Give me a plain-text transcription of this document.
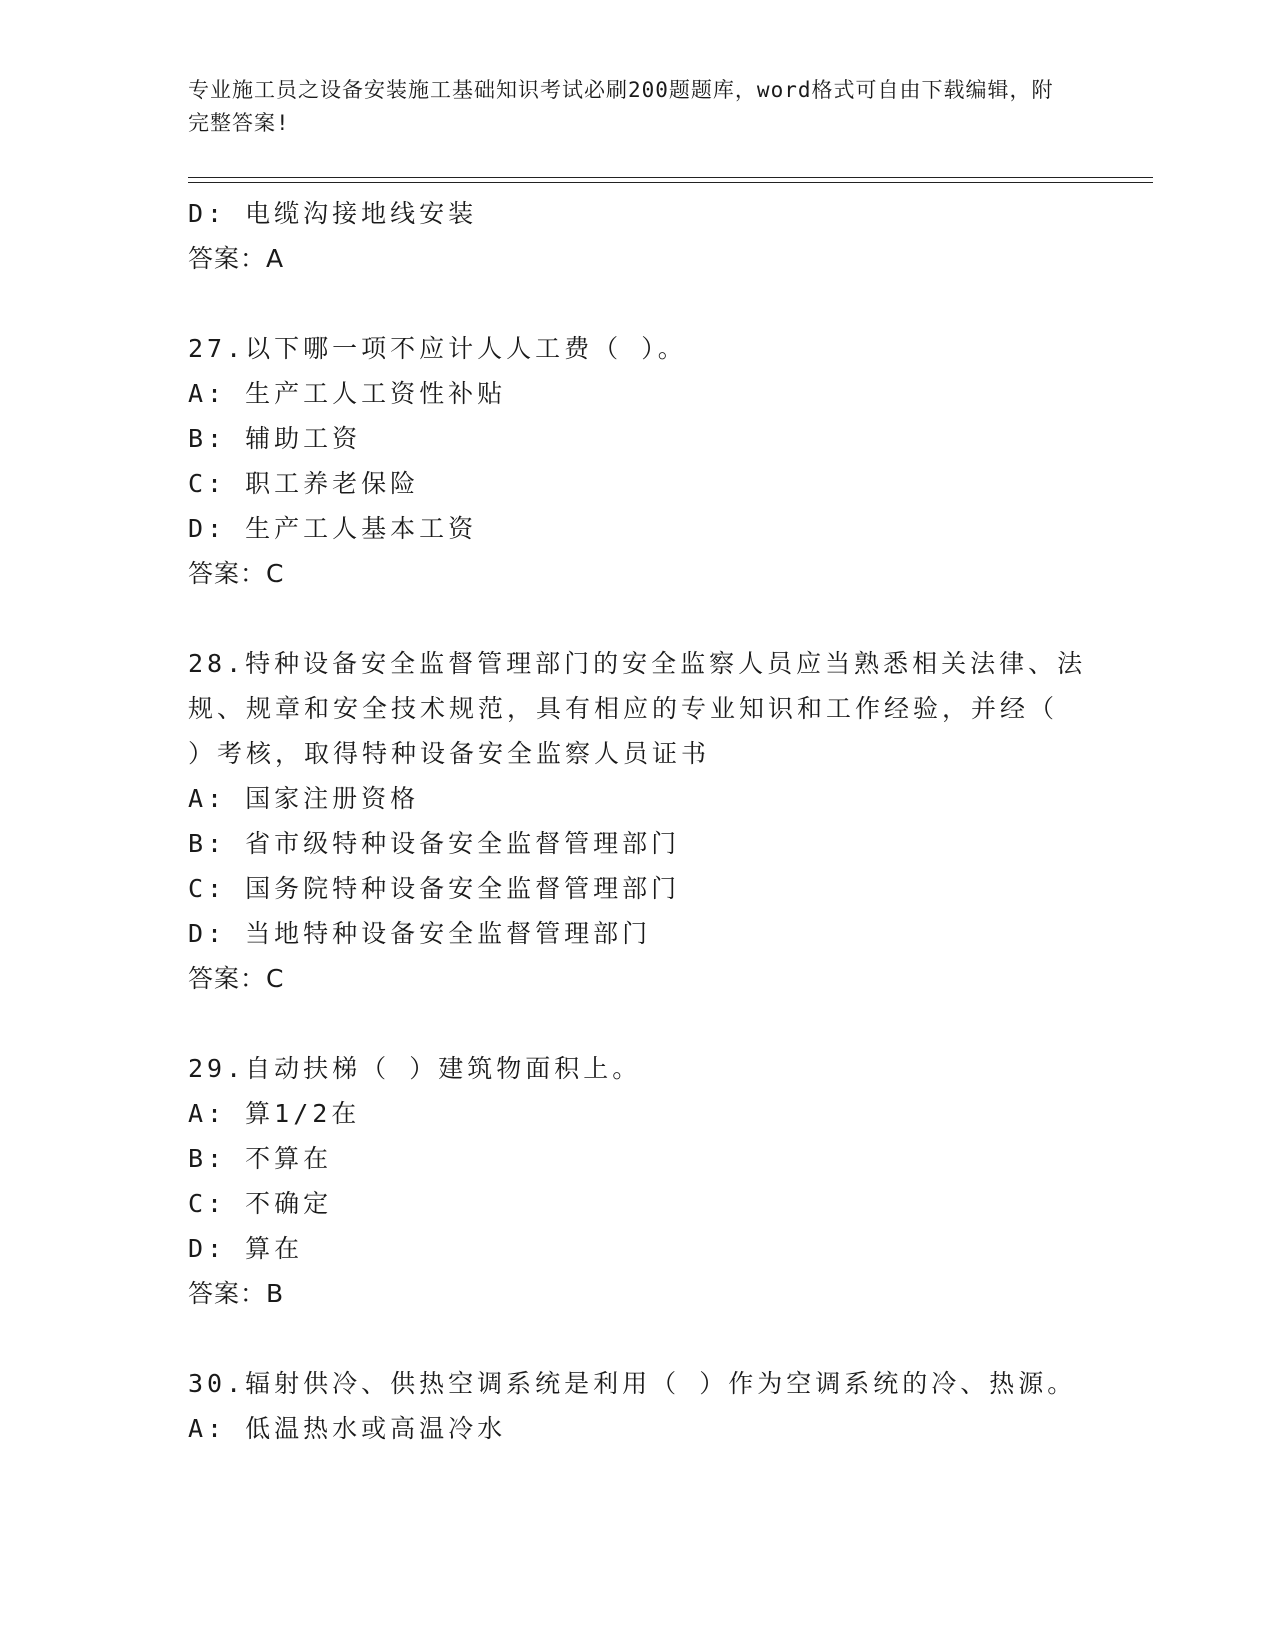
专业施工员之设备安装施工基础知识考试必刷200题题库，word格式可自由下载编辑，附完整答案!
D: 电缆沟接地线安装
答案：A
27.以下哪一项不应计人人工费（ ）。
A: 生产工人工资性补贴
B: 辅助工资
C: 职工养老保险
D: 生产工人基本工资
答案：C
28.特种设备安全监督管理部门的安全监察人员应当熟悉相关法律、法规、规章和安全技术规范，具有相应的专业知识和工作经验，并经（ ）考核，取得特种设备安全监察人员证书
A: 国家注册资格
B: 省市级特种设备安全监督管理部门
C: 国务院特种设备安全监督管理部门
D: 当地特种设备安全监督管理部门
答案：C
29.自动扶梯（ ）建筑物面积上。
A: 算1/2在
B: 不算在
C: 不确定
D: 算在
答案：B
30.辐射供冷、供热空调系统是利用（ ）作为空调系统的冷、热源。
A: 低温热水或高温冷水
